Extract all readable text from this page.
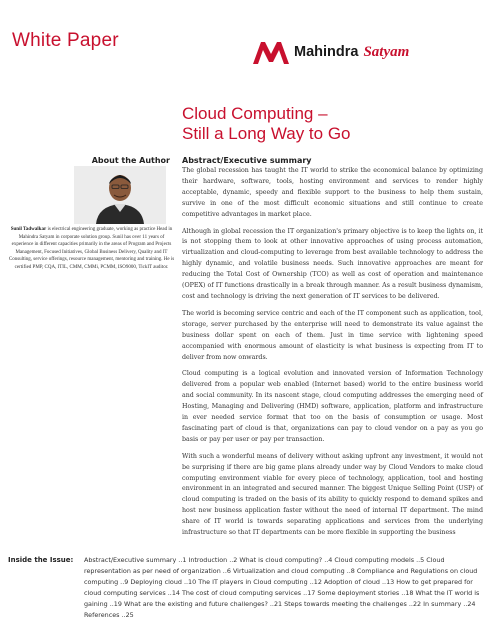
White Paper
Mahindra Satyam
Cloud Computing –
Still a Long Way to Go
About the Author
Sunil Tadwalkar is electrical engineering graduate, working as practice Head in Mahindra Satyam in corporate solution group. Sunil has over 11 years of experience in different capacities primarily in the areas of Program and Projects Management, Focused Initiatives, Global Business Delivery, Quality and IT Consulting, service offerings, resource management, mentoring and training. He is certified PMP, CQA, ITIL, CMM, CMMi, PCMM, ISO9000, TickIT auditor.
Abstract/Executive summary

The global recession has taught the IT world to strike the economical balance by optimizing their hardware, software, tools, hosting environment and services to render highly acceptable, dynamic, speedy and flexible support to the business to help them sustain, survive in one of the most difficult economic situations and still continue to create competitive advantages in market place.

Although in global recession the IT organization's primary objective is to keep the lights on, it is not stopping them to look at other innovative approaches of using process automation, virtualization and cloud-computing to leverage from best available technology to address the highly dynamic, and volatile business needs. Such innovative approaches are meant for reducing the Total Cost of Ownership (TCO) as well as cost of operation and maintenance (OPEX) of IT functions drastically in a break through manner. As a result business dynamism, cost and technology is driving the next generation of IT services to be delivered.

The world is becoming service centric and each of the IT component such as application, tool, storage, server purchased by the enterprise will need to demonstrate its value against the business dollar spent on each of them. Just in time service with lightening speed accompanied with enormous amount of elasticity is what business is expecting from IT to deliver from now onwards.

Cloud computing is a logical evolution and innovated version of Information Technology delivered from a popular web enabled (Internet based) world to the entire business world and social community. In its nascent stage, cloud computing addresses the emerging need of Hosting, Managing and Delivering (HMD) software, application, platform and infrastructure in ever needed service format that too on the basis of consumption or usage. Most fascinating part of cloud is that, organizations can pay to cloud vendor on a pay as you go basis or pay per user or pay per transaction.

With such a wonderful means of delivery without asking upfront any investment, it would not be surprising if there are big game plans already under way by Cloud Vendors to make cloud computing environment viable for every piece of technology, application, tool and hosting environment in an integrated and secured manner. The biggest Unique Selling Point (USP) of cloud computing is traded on the basis of its ability to quickly respond to demand spikes and host new business application faster without the need of internal IT department. The mind share of IT world is towards separating applications and services from the underlying infrastructure so that IT departments can be more flexible in supporting the business

Inside the Issue:	Abstract/Executive summary ..1 Introduction ..2 What is cloud computing? ..4 Cloud computing models ..5 Cloud representation as per need of organization ..6 Virtualization and cloud computing ..8 Compliance and Regulations on cloud computing ..9 Deploying cloud ..10 The IT players in Cloud computing ..12 Adoption of cloud ..13 How to get prepared for cloud computing services ..14 The cost of cloud computing services ..17 Some deployment stories ..18 What the IT world is gaining ..19 What are the existing and future challenges? ..21 Steps towards meeting the challenges ..22 In summary ..24 References ..25
